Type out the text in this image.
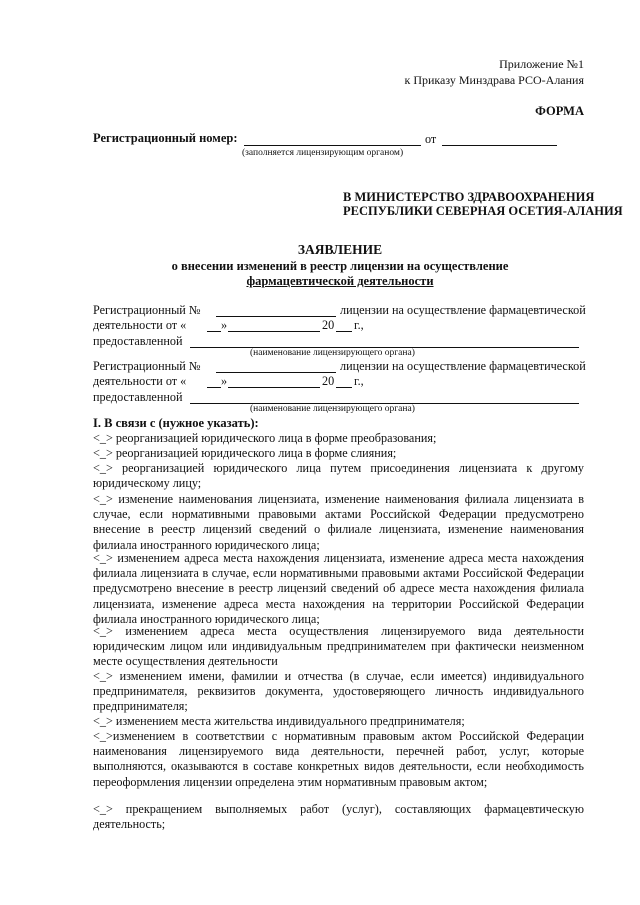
Приложение №1
к Приказу Минздрава РСО-Алания
ФОРМА
Регистрационный номер:	от
(заполняется лицензирующим органом)
В МИНИСТЕРСТВО ЗДРАВООХРАНЕНИЯ
РЕСПУБЛИКИ СЕВЕРНАЯ ОСЕТИЯ-АЛАНИЯ
ЗАЯВЛЕНИЕ
о внесении изменений в реестр лицензии на осуществление
фармацевтической деятельности
Регистрационный №	лицензии на осуществление фармацевтической
деятельности от «	»	20 г.,
предоставленной
(наименование лицензирующего органа)
Регистрационный №	лицензии на осуществление фармацевтической
деятельности от «	»	20 г.,
предоставленной
(наименование лицензирующего органа)
I. В связи с (нужное указать):
<_> реорганизацией юридического лица в форме преобразования;
<_> реорганизацией юридического лица в форме слияния;
<_> реорганизацией юридического лица путем присоединения лицензиата к другому юридическому лицу;
<_> изменение наименования лицензиата, изменение наименования филиала лицензиата в случае, если нормативными правовыми актами Российской Федерации предусмотрено внесение в реестр лицензий сведений о филиале лицензиата, изменение наименования филиала иностранного юридического лица;
<_> изменением адреса места нахождения лицензиата, изменение адреса места нахождения филиала лицензиата в случае, если нормативными правовыми актами Российской Федерации предусмотрено внесение в реестр лицензий сведений об адресе места нахождения филиала лицензиата, изменение адреса места нахождения на территории Российской Федерации филиала иностранного юридического лица;
<_> изменением адреса места осуществления лицензируемого вида деятельности юридическим лицом или индивидуальным предпринимателем при фактически неизменном месте осуществления деятельности
<_> изменением имени, фамилии и отчества (в случае, если имеется) индивидуального предпринимателя, реквизитов документа, удостоверяющего личность индивидуального предпринимателя;
<_> изменением места жительства индивидуального предпринимателя;
<_>изменением в соответствии с нормативным правовым актом Российской Федерации наименования лицензируемого вида деятельности, перечней работ, услуг, которые выполняются, оказываются в составе конкретных видов деятельности, если необходимость переоформления лицензии определена этим нормативным правовым актом;
<_> прекращением выполняемых работ (услуг), составляющих фармацевтическую деятельность;
